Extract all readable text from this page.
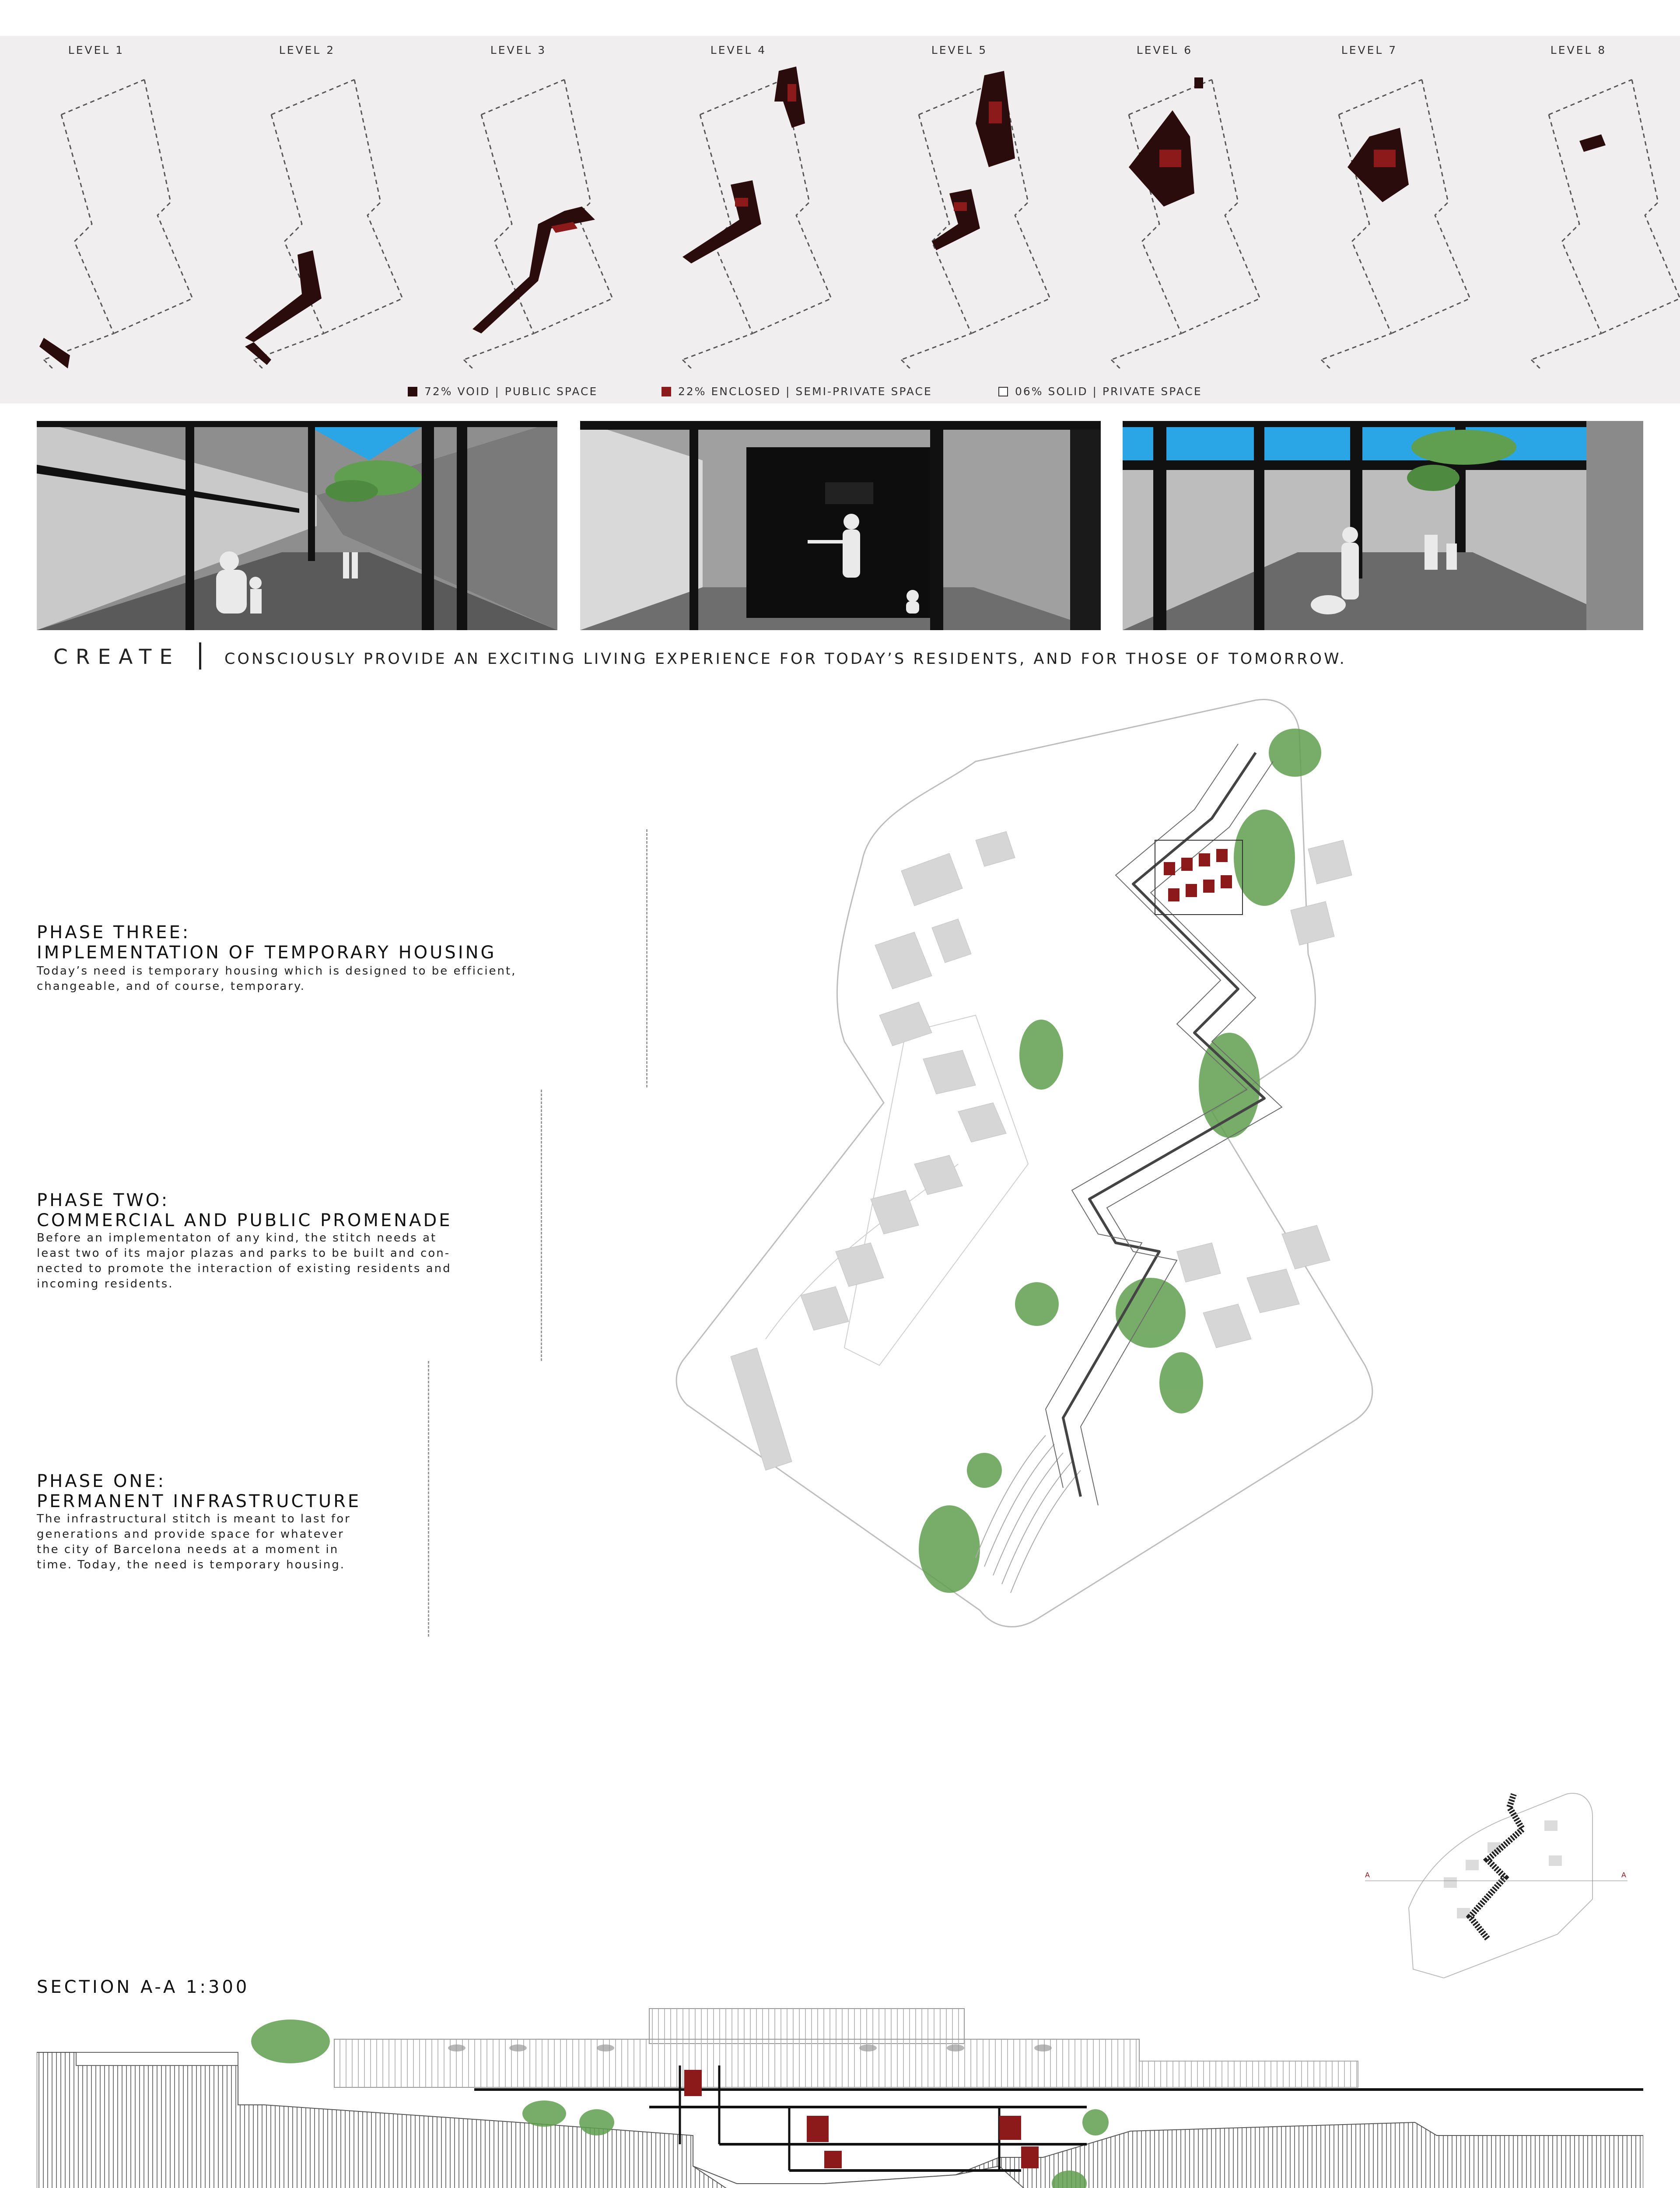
LEVEL 1	LEVEL 2	LEVEL 3	LEVEL 4	LEVEL 5	LEVEL 6	LEVEL 7	LEVEL 8
72% VOID | PUBLIC SPACE	22% ENCLOSED | SEMI-PRIVATE SPACE	06% SOLID | PRIVATE SPACE
CREATE	CONSCIOUSLY PROVIDE AN EXCITING LIVING EXPERIENCE FOR TODAY’S RESIDENTS, AND FOR THOSE OF TOMORROW.
PHASE THREE:
IMPLEMENTATION OF TEMPORARY HOUSING
Today’s need is temporary housing which is designed to be efficient,
changeable, and of course, temporary.
PHASE TWO:
COMMERCIAL AND PUBLIC PROMENADE
Before an implementaton of any kind, the stitch needs at
least two of its major plazas and parks to be built and con-
nected to promote the interaction of existing residents and
incoming residents.
PHASE ONE:
PERMANENT INFRASTRUCTURE
The infrastructural stitch is meant to last for
generations and provide space for whatever
the city of Barcelona needs at a moment in
time. Today, the need is temporary housing.
A	A
SECTION A-A 1:300
